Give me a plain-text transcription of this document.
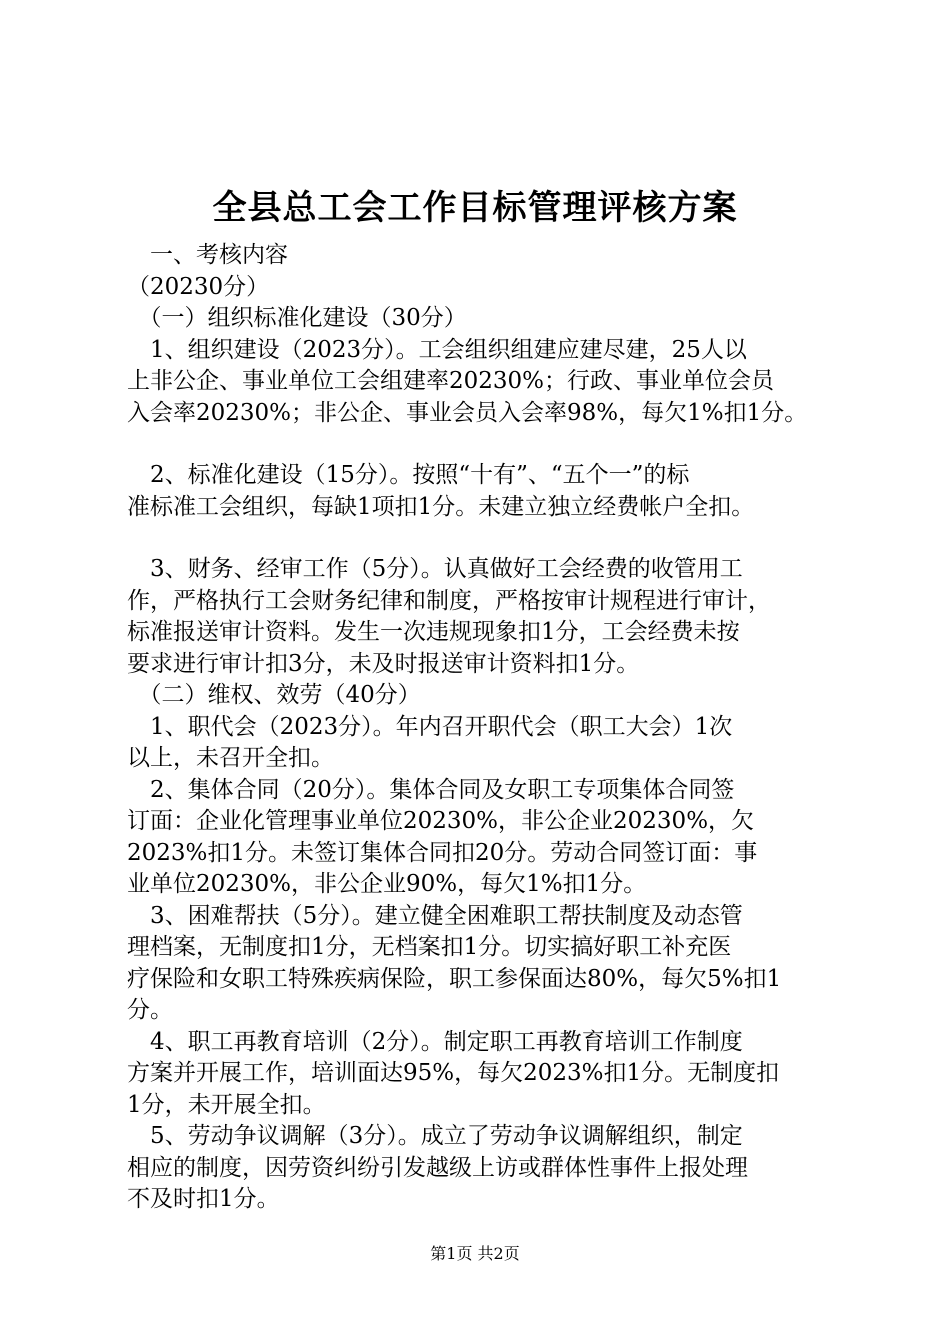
全县总工会工作目标管理评核方案

　一、考核内容

（20230分）

　（一）组织标准化建设（30分）

　1、组织建设（2023分）。工会组织组建应建尽建，25人以

上非公企、事业单位工会组建率20230%；行政、事业单位会员

入会率20230%；非公企、事业会员入会率98%，每欠1%扣1分。

　2、标准化建设（15分）。按照“十有”、“五个一”的标

准标准工会组织，每缺1项扣1分。未建立独立经费帐户全扣。

　3、财务、经审工作（5分）。认真做好工会经费的收管用工

作，严格执行工会财务纪律和制度，严格按审计规程进行审计，

标准报送审计资料。发生一次违规现象扣1分，工会经费未按

要求进行审计扣3分，未及时报送审计资料扣1分。

　（二）维权、效劳（40分）

　1、职代会（2023分）。年内召开职代会（职工大会）1次

以上，未召开全扣。

　2、集体合同（20分）。集体合同及女职工专项集体合同签

订面：企业化管理事业单位20230%，非公企业20230%，欠

2023%扣1分。未签订集体合同扣20分。劳动合同签订面：事

业单位20230%，非公企业90%，每欠1%扣1分。

　3、困难帮扶（5分）。建立健全困难职工帮扶制度及动态管

理档案，无制度扣1分，无档案扣1分。切实搞好职工补充医

疗保险和女职工特殊疾病保险，职工参保面达80%，每欠5%扣1

分。

　4、职工再教育培训（2分）。制定职工再教育培训工作制度

方案并开展工作，培训面达95%，每欠2023%扣1分。无制度扣

1分，未开展全扣。

　5、劳动争议调解（3分）。成立了劳动争议调解组织，制定

相应的制度，因劳资纠纷引发越级上访或群体性事件上报处理

不及时扣1分。

第1页 共2页
